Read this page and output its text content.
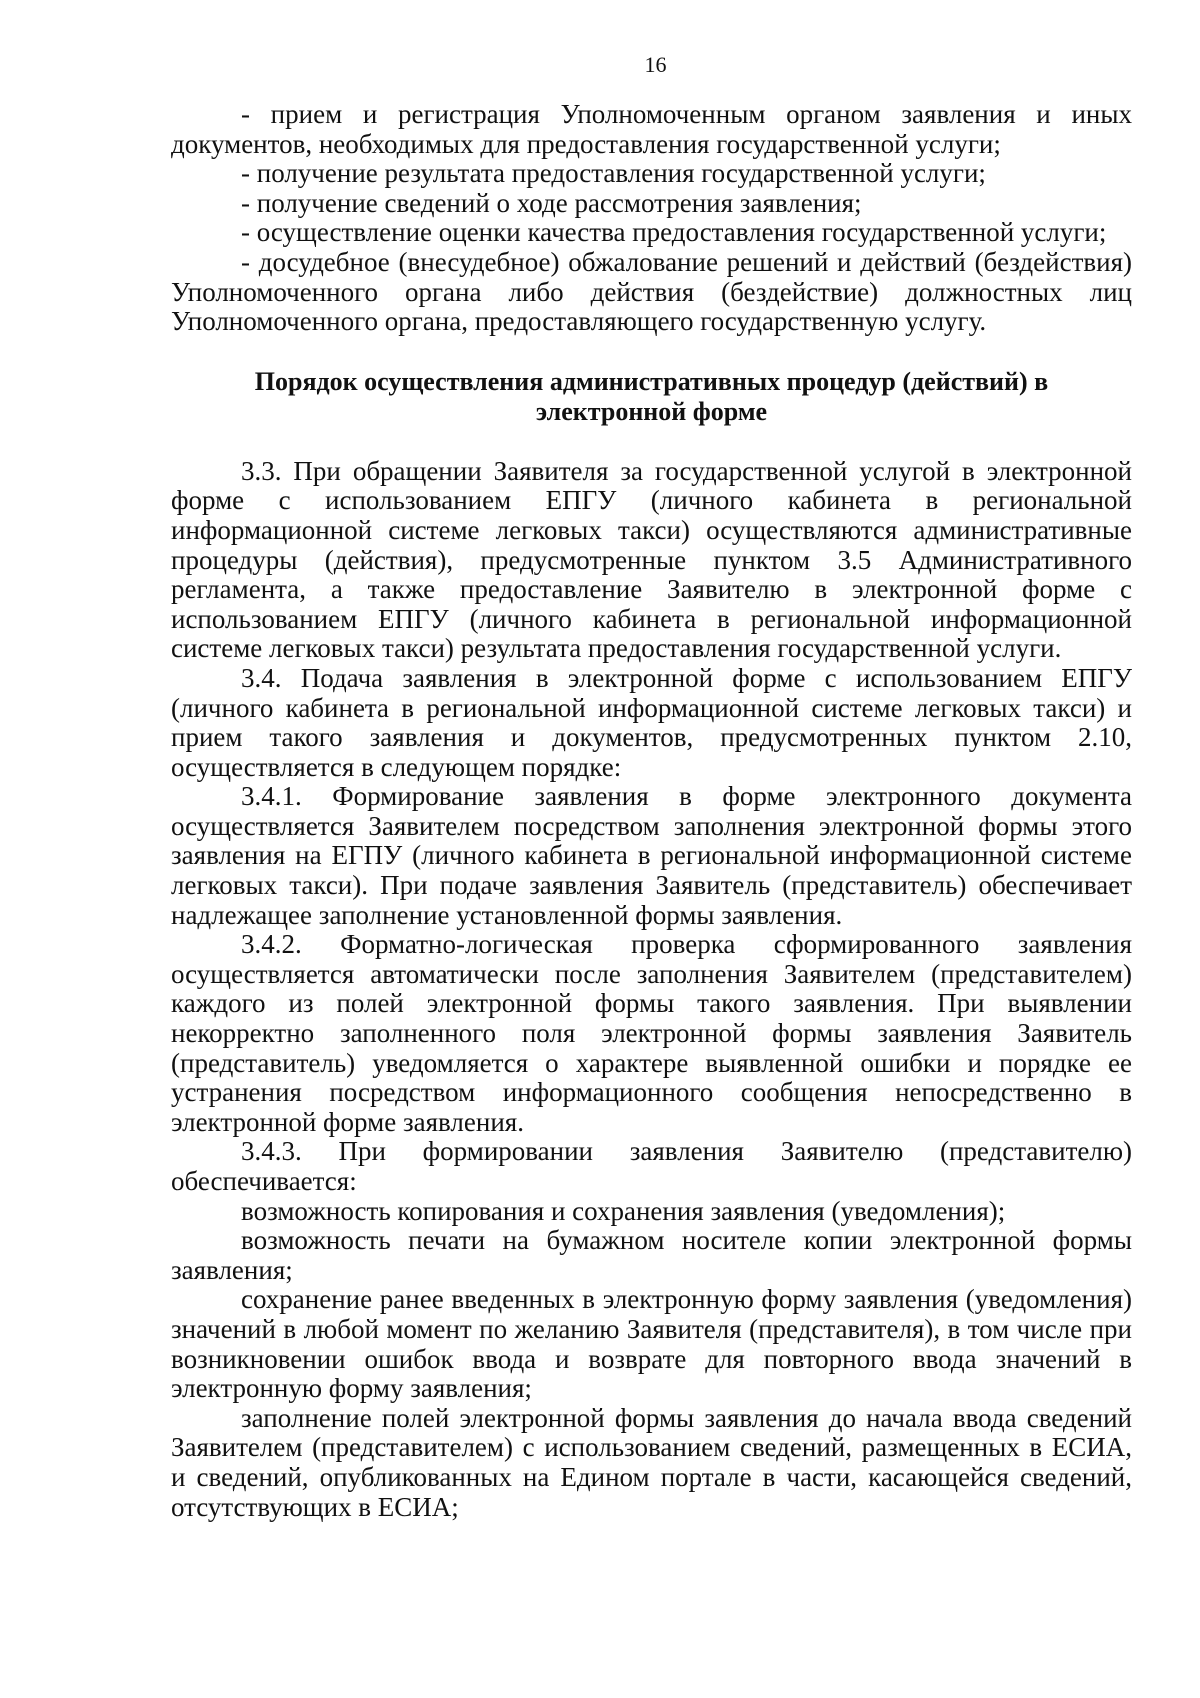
16

- прием и регистрация Уполномоченным органом заявления и иных документов, необходимых для предоставления государственной услуги;

- получение результата предоставления государственной услуги;

- получение сведений о ходе рассмотрения заявления;

- осуществление оценки качества предоставления государственной услуги;

- досудебное (внесудебное) обжалование решений и действий (бездействия) Уполномоченного органа либо действия (бездействие) должностных лиц Уполномоченного органа, предоставляющего государственную услугу.

Порядок осуществления административных процедур (действий) в
электронной форме

3.3. При обращении Заявителя за государственной услугой в электронной форме с использованием ЕПГУ (личного кабинета в региональной информационной системе легковых такси) осуществляются административные процедуры (действия), предусмотренные пунктом 3.5 Административного регламента, а также предоставление Заявителю в электронной форме с использованием ЕПГУ (личного кабинета в региональной информационной системе легковых такси) результата предоставления государственной услуги.

3.4. Подача заявления в электронной форме с использованием ЕПГУ (личного кабинета в региональной информационной системе легковых такси) и прием такого заявления и документов, предусмотренных пунктом 2.10, осуществляется в следующем порядке:

3.4.1. Формирование заявления в форме электронного документа осуществляется Заявителем посредством заполнения электронной формы этого заявления на ЕГПУ (личного кабинета в региональной информационной системе легковых такси). При подаче заявления Заявитель (представитель) обеспечивает надлежащее заполнение установленной формы заявления.

3.4.2. Форматно-логическая проверка сформированного заявления осуществляется автоматически после заполнения Заявителем (представителем) каждого из полей электронной формы такого заявления. При выявлении некорректно заполненного поля электронной формы заявления Заявитель (представитель) уведомляется о характере выявленной ошибки и порядке ее устранения посредством информационного сообщения непосредственно в электронной форме заявления.

3.4.3. При формировании заявления Заявителю (представителю) обеспечивается:

возможность копирования и сохранения заявления (уведомления);

возможность печати на бумажном носителе копии электронной формы заявления;

сохранение ранее введенных в электронную форму заявления (уведомления) значений в любой момент по желанию Заявителя (представителя), в том числе при возникновении ошибок ввода и возврате для повторного ввода значений в электронную форму заявления;

заполнение полей электронной формы заявления до начала ввода сведений Заявителем (представителем) с использованием сведений, размещенных в ЕСИА, и сведений, опубликованных на Едином портале в части, касающейся сведений, отсутствующих в ЕСИА;
